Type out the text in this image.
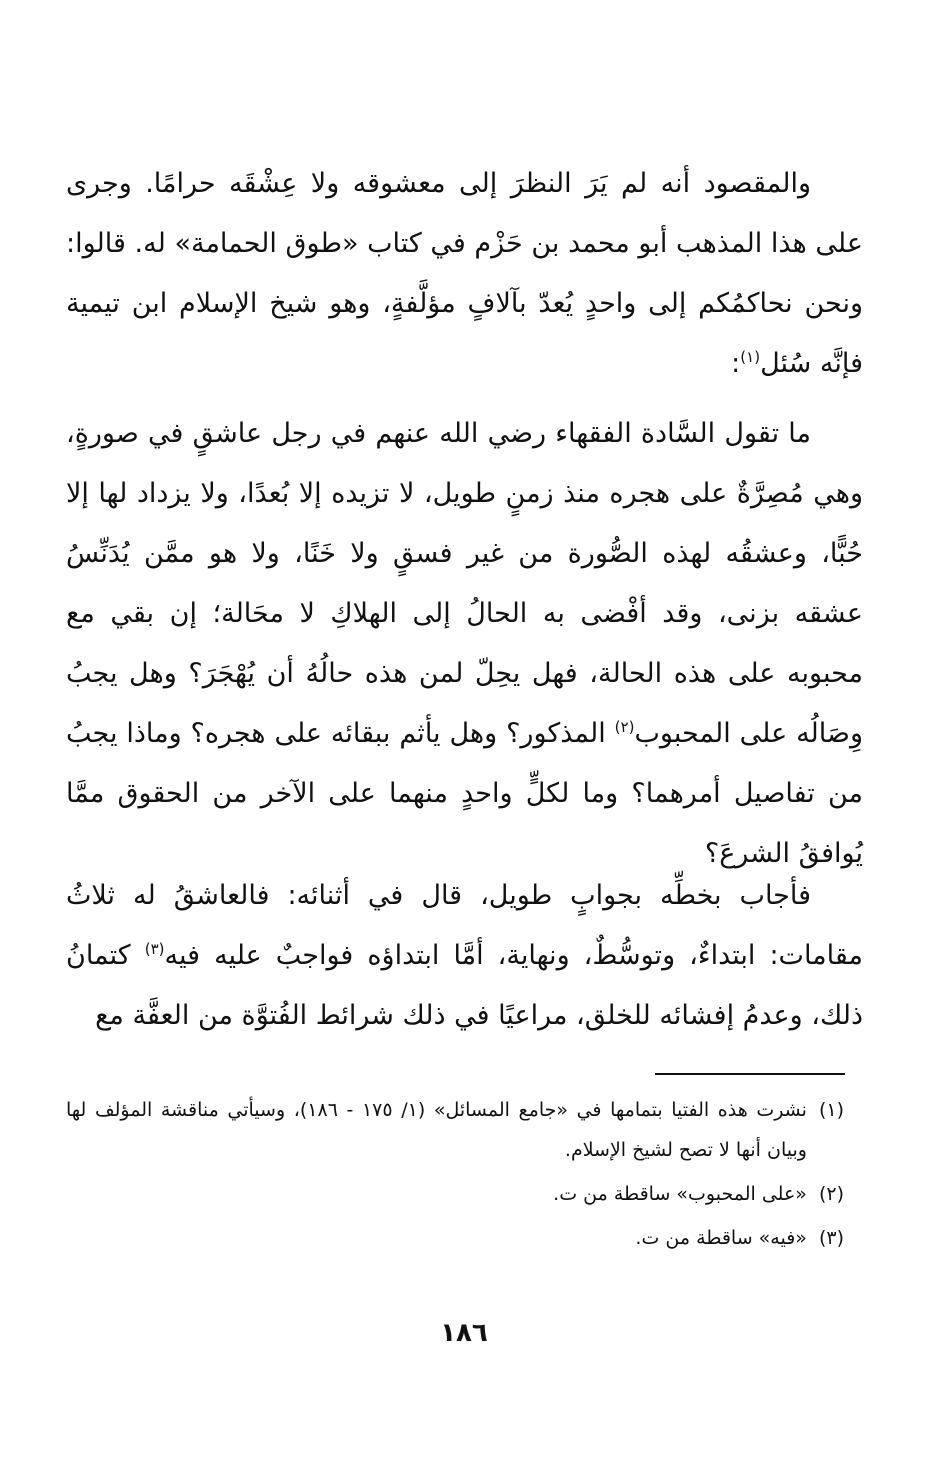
والمقصود أنه لم يَرَ النظرَ إلى معشوقه ولا عِشْقَه حرامًا. وجرى على هذا المذهب أبو محمد بن حَزْم في كتاب «طوق الحمامة» له. قالوا: ونحن نحاكمُكم إلى واحدٍ يُعدّ بآلافٍ مؤلَّفةٍ، وهو شيخ الإسلام ابن تيمية فإنَّه سُئل$^{(١)}$:

ما تقول السَّادة الفقهاء رضي الله عنهم في رجل عاشقٍ في صورةٍ، وهي مُصِرَّةٌ على هجره منذ زمنٍ طويل، لا تزيده إلا بُعدًا، ولا يزداد لها إلا حُبًّا، وعشقُه لهذه الصُّورة من غير فسقٍ ولا خَنًا، ولا هو ممَّن يُدَنِّسُ عشقه بزنى، وقد أفْضى به الحالُ إلى الهلاكِ لا محَالة؛ إن بقي مع محبوبه على هذه الحالة، فهل يحِلّ لمن هذه حالُهُ أن يُهْجَرَ؟ وهل يجبُ وِصَالُه على المحبوب$^{(٢)}$ المذكور؟ وهل يأثم ببقائه على هجره؟ وماذا يجبُ من تفاصيل أمرهما؟ وما لكلٍّ واحدٍ منهما على الآخر من الحقوق ممَّا يُوافقُ الشرعَ؟

فأجاب بخطِّه بجوابٍ طويل، قال في أثنائه: فالعاشقُ له ثلاثُ مقامات: ابتداءٌ، وتوسُّطٌ، ونهاية، أمَّا ابتداؤه فواجبٌ عليه فيه$^{(٣)}$ كتمانُ ذلك، وعدمُ إفشائه للخلق، مراعيًا في ذلك شرائط الفُتوَّة من العفَّة مع

(١)
نشرت هذه الفتيا بتمامها في «جامع المسائل» (١/ ١٧٥ - ١٨٦)، وسيأتي مناقشة المؤلف لها وبيان أنها لا تصح لشيخ الإسلام.
(٢)
«على المحبوب» ساقطة من ت.
(٣)
«فيه» ساقطة من ت.
١٨٦
